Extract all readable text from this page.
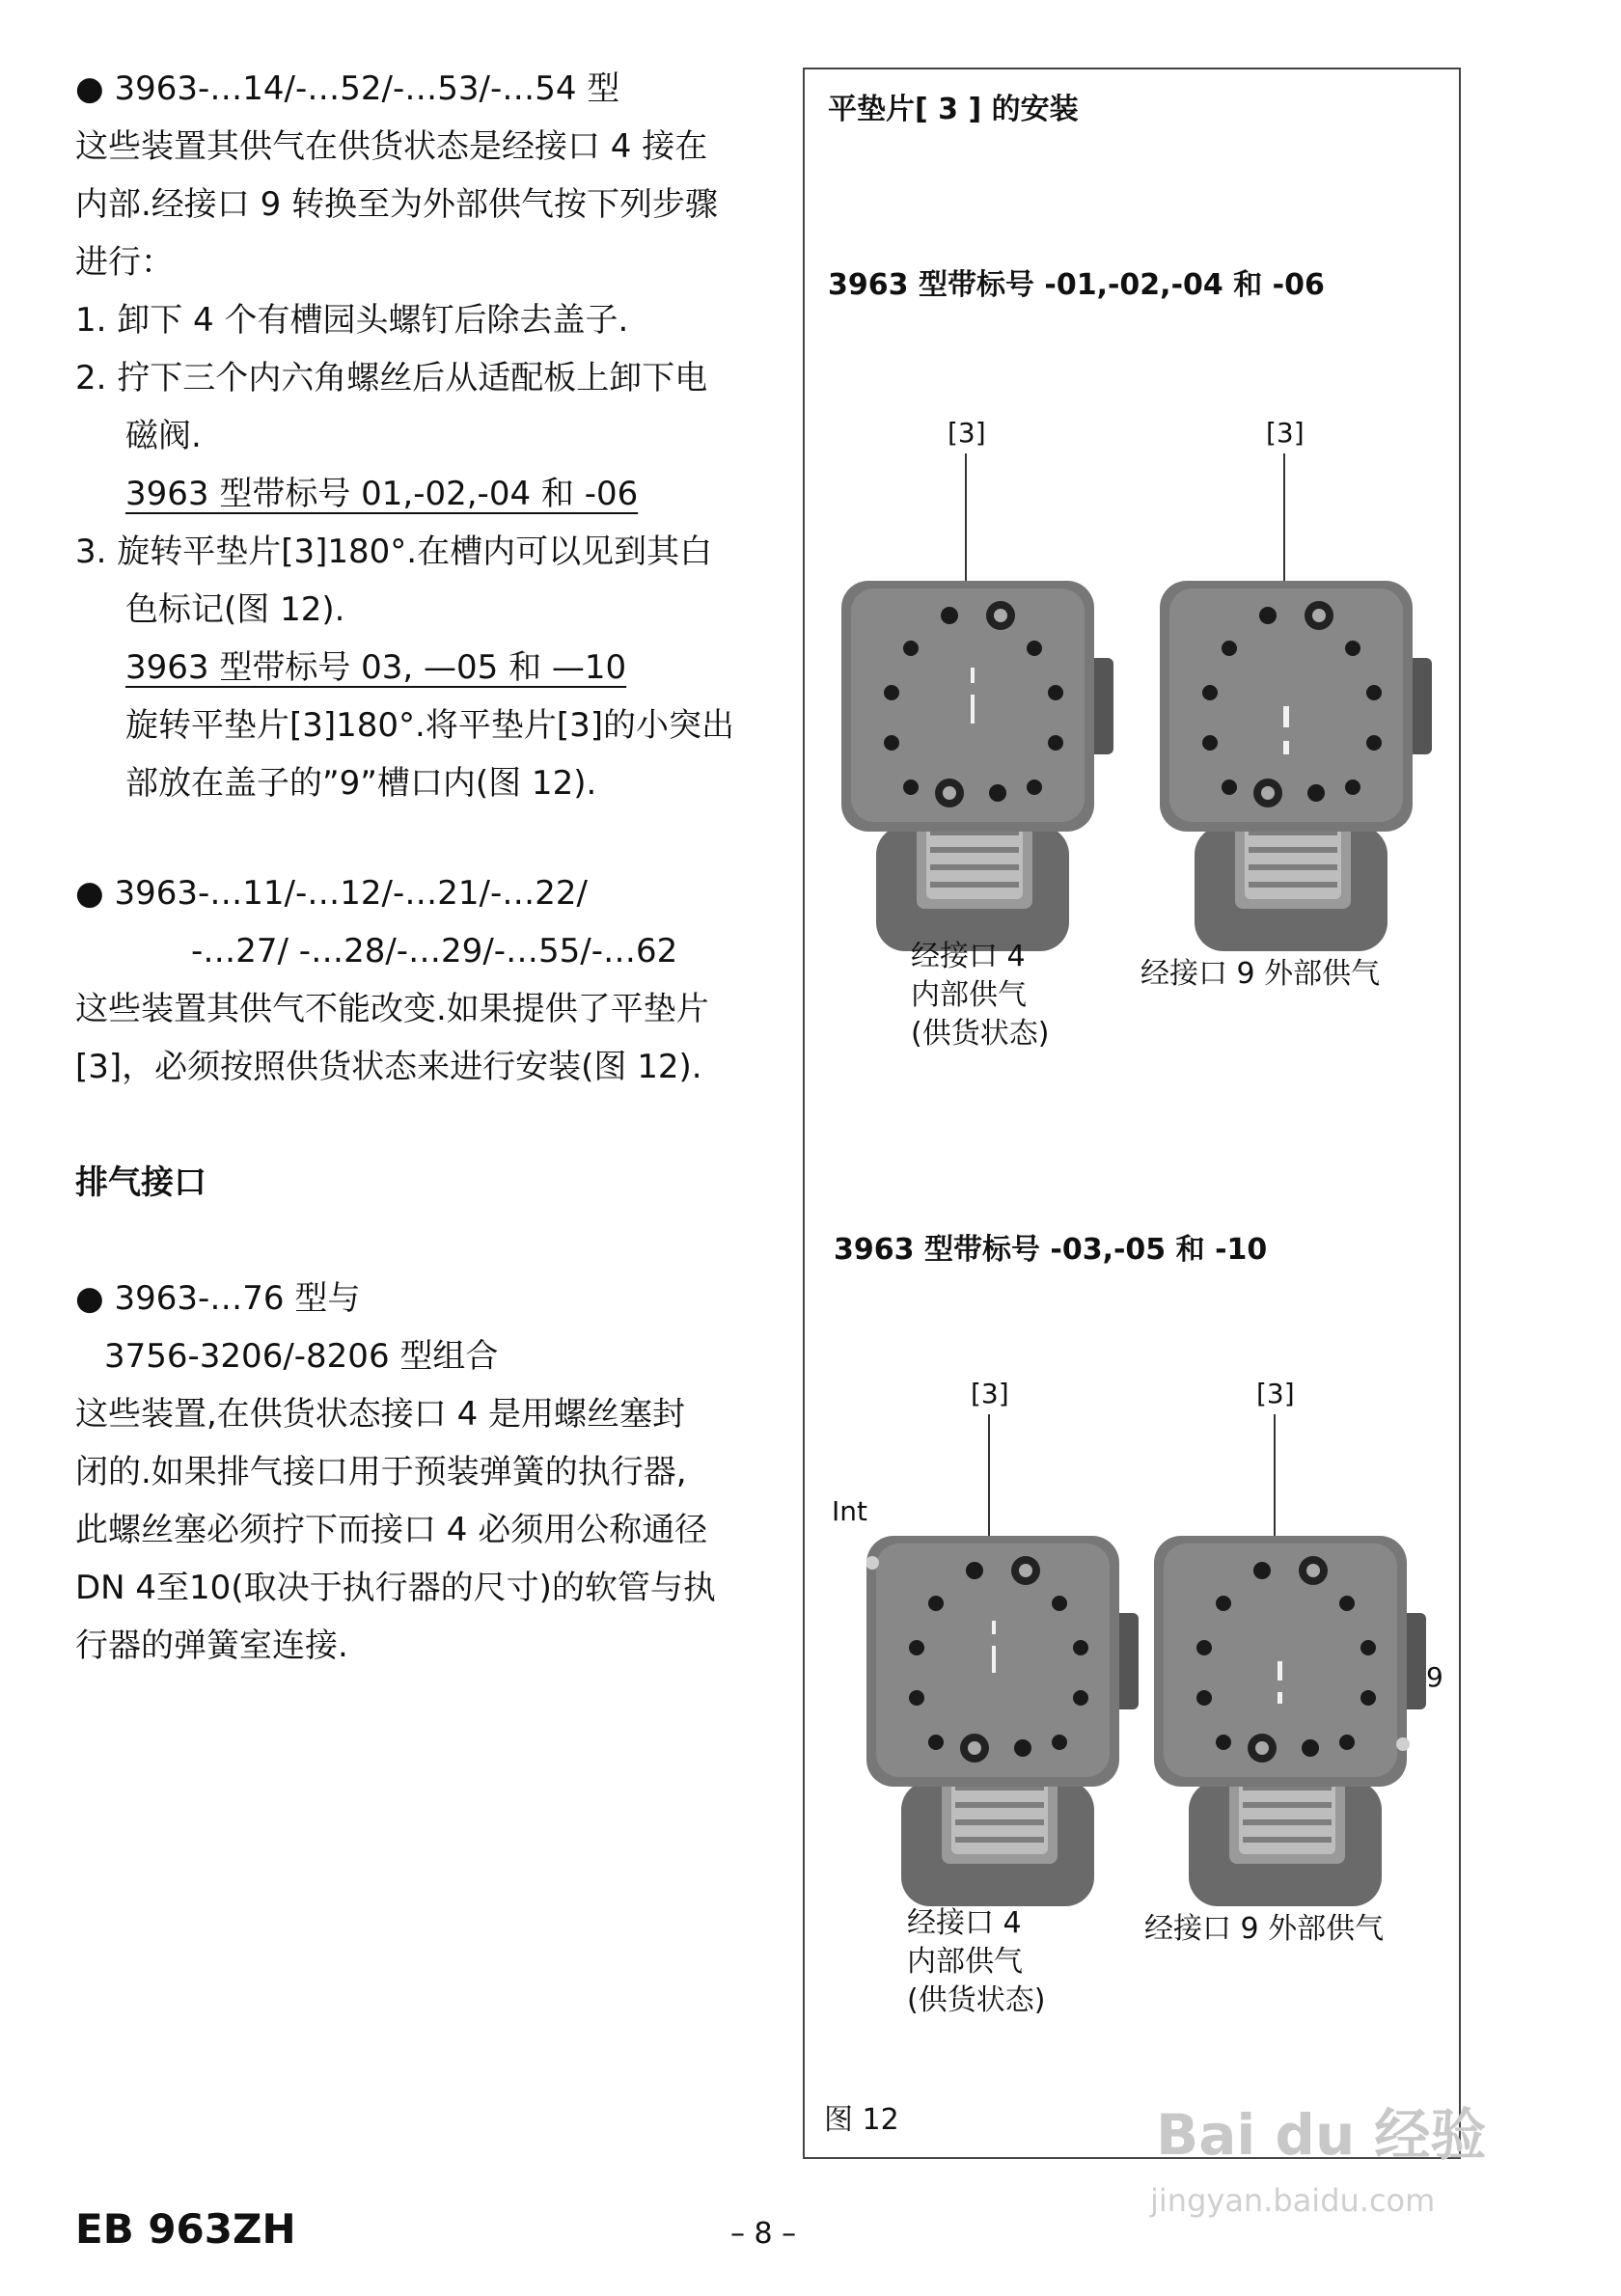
● 3963-…14/-…52/-…53/-…54 型
这些装置其供气在供货状态是经接口 4 接在
内部.经接口 9 转换至为外部供气按下列步骤
进行：
1. 卸下 4 个有槽园头螺钉后除去盖子.
2. 拧下三个内六角螺丝后从适配板上卸下电
磁阀.
3963 型带标号 01,-02,-04 和 -06
3. 旋转平垫片[3]180°.在槽内可以见到其白
色标记(图 12).
3963 型带标号 03, —05 和 —10
旋转平垫片[3]180°.将平垫片[3]的小突出
部放在盖子的”9”槽口内(图 12).
● 3963-…11/-…12/-…21/-…22/
-…27/ -…28/-…29/-…55/-…62
这些装置其供气不能改变.如果提供了平垫片
[3]，必须按照供货状态来进行安装(图 12).
排气接口
● 3963-…76 型与
3756-3206/-8206 型组合
这些装置,在供货状态接口 4 是用螺丝塞封
闭的.如果排气接口用于预装弹簧的执行器,
此螺丝塞必须拧下而接口 4 必须用公称通径
DN 4至10(取决于执行器的尺寸)的软管与执
行器的弹簧室连接.
平垫片[ 3 ] 的安装
3963 型带标号 -01,-02,-04 和 -06
[3]	[3]
经接口 4
内部供气
(供货状态)
经接口 9 外部供气
3963 型带标号 -03,-05 和 -10
[3]	[3]
Int
9
经接口 4
内部供气
(供货状态)
经接口 9 外部供气
图 12
EB 963ZH	– 8 –
Bai du 经验
jingyan.baidu.com
